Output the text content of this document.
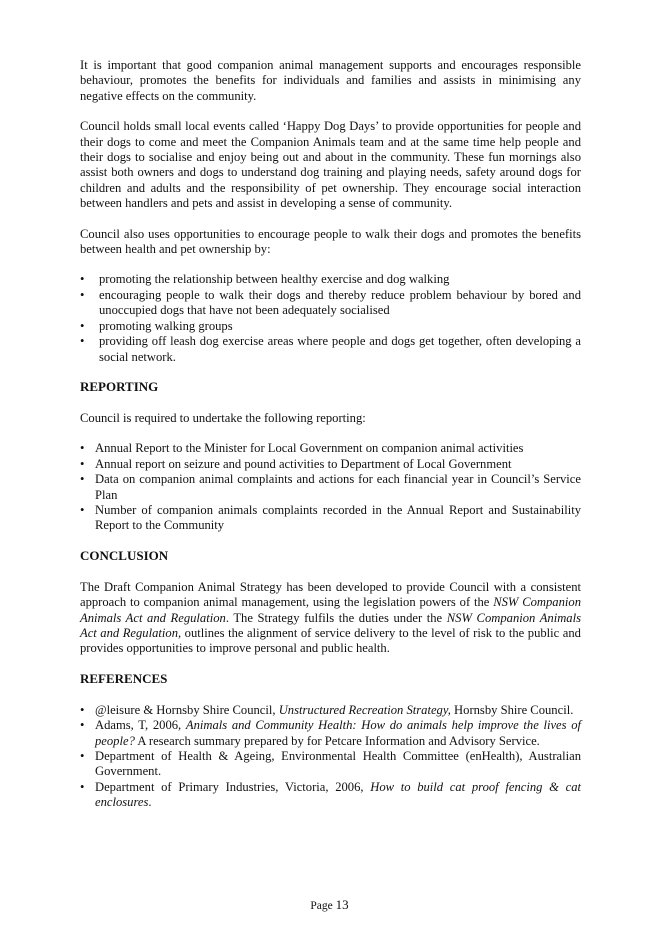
It is important that good companion animal management supports and encourages responsible behaviour, promotes the benefits for individuals and families and assists in minimising any negative effects on the community.

Council holds small local events called ‘Happy Dog Days’ to provide opportunities for people and their dogs to come and meet the Companion Animals team and at the same time help people and their dogs to socialise and enjoy being out and about in the community. These fun mornings also assist both owners and dogs to understand dog training and playing needs, safety around dogs for children and adults and the responsibility of pet ownership. They encourage social interaction between handlers and pets and assist in developing a sense of community.

Council also uses opportunities to encourage people to walk their dogs and promotes the benefits between health and pet ownership by:

• promoting the relationship between healthy exercise and dog walking
• encouraging people to walk their dogs and thereby reduce problem behaviour by bored and unoccupied dogs that have not been adequately socialised
• promoting walking groups
• providing off leash dog exercise areas where people and dogs get together, often developing a social network.
REPORTING

Council is required to undertake the following reporting:

• Annual Report to the Minister for Local Government on companion animal activities
• Annual report on seizure and pound activities to Department of Local Government
• Data on companion animal complaints and actions for each financial year in Council’s Service Plan
• Number of companion animals complaints recorded in the Annual Report and Sustainability Report to the Community
CONCLUSION

The Draft Companion Animal Strategy has been developed to provide Council with a consistent approach to companion animal management, using the legislation powers of the NSW Companion Animals Act and Regulation. The Strategy fulfils the duties under the NSW Companion Animals Act and Regulation, outlines the alignment of service delivery to the level of risk to the public and provides opportunities to improve personal and public health.

REFERENCES
• @leisure & Hornsby Shire Council, Unstructured Recreation Strategy, Hornsby Shire Council.
• Adams, T, 2006, Animals and Community Health: How do animals help improve the lives of people? A research summary prepared by for Petcare Information and Advisory Service.
• Department of Health & Ageing, Environmental Health Committee (enHealth), Australian Government.
• Department of Primary Industries, Victoria, 2006, How to build cat proof fencing & cat enclosures.
Page 13
